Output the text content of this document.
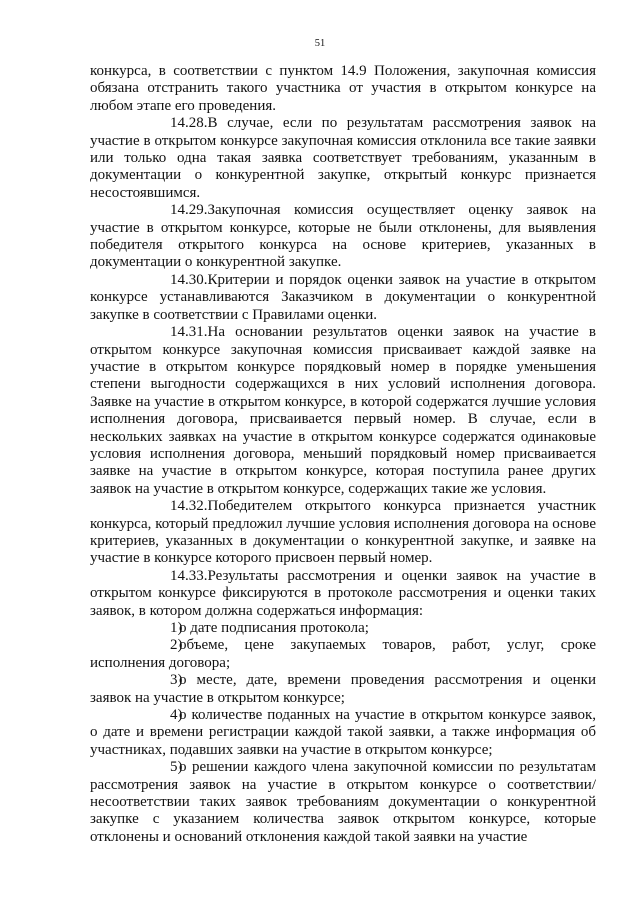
51

конкурса, в соответствии с пунктом 14.9 Положения, закупочная комиссия обязана отстранить такого участника от участия в открытом конкурсе на любом этапе его проведения.

14.28.В случае, если по результатам рассмотрения заявок на участие в открытом конкурсе закупочная комиссия отклонила все такие заявки или только одна такая заявка соответствует требованиям, указанным в документации о конкурентной закупке, открытый конкурс признается несостоявшимся.

14.29.Закупочная комиссия осуществляет оценку заявок на участие в открытом конкурсе, которые не были отклонены, для выявления победителя открытого конкурса на основе критериев, указанных в документации о конкурентной закупке.

14.30.Критерии и порядок оценки заявок на участие в открытом конкурсе устанавливаются Заказчиком в документации о конкурентной закупке в соответствии с Правилами оценки.

14.31.На основании результатов оценки заявок на участие в открытом конкурсе закупочная комиссия присваивает каждой заявке на участие в открытом конкурсе порядковый номер в порядке уменьшения степени выгодности содержащихся в них условий исполнения договора. Заявке на участие в открытом конкурсе, в которой содержатся лучшие условия исполнения договора, присваивается первый номер. В случае, если в нескольких заявках на участие в открытом конкурсе содержатся одинаковые условия исполнения договора, меньший порядковый номер присваивается заявке на участие в открытом конкурсе, которая поступила ранее других заявок на участие в открытом конкурсе, содержащих такие же условия.

14.32.Победителем открытого конкурса признается участник конкурса, который предложил лучшие условия исполнения договора на основе критериев, указанных в документации о конкурентной закупке, и заявке на участие в конкурсе которого присвоен первый номер.

14.33.Результаты рассмотрения и оценки заявок на участие в открытом конкурсе фиксируются в протоколе рассмотрения и оценки таких заявок, в котором должна содержаться информация:

1)о дате подписания протокола;

2)объеме, цене закупаемых товаров, работ, услуг, сроке исполнения договора;

3)о месте, дате, времени проведения рассмотрения и оценки заявок на участие в открытом конкурсе;

4)о количестве поданных на участие в открытом конкурсе заявок, о дате и времени регистрации каждой такой заявки, а также информация об участниках, подавших заявки на участие в открытом конкурсе;

5)о решении каждого члена закупочной комиссии по результатам рассмотрения заявок на участие в открытом конкурсе о соответствии/несоответствии таких заявок требованиям документации о конкурентной закупке с указанием количества заявок открытом конкурсе, которые отклонены и оснований отклонения каждой такой заявки на участие
